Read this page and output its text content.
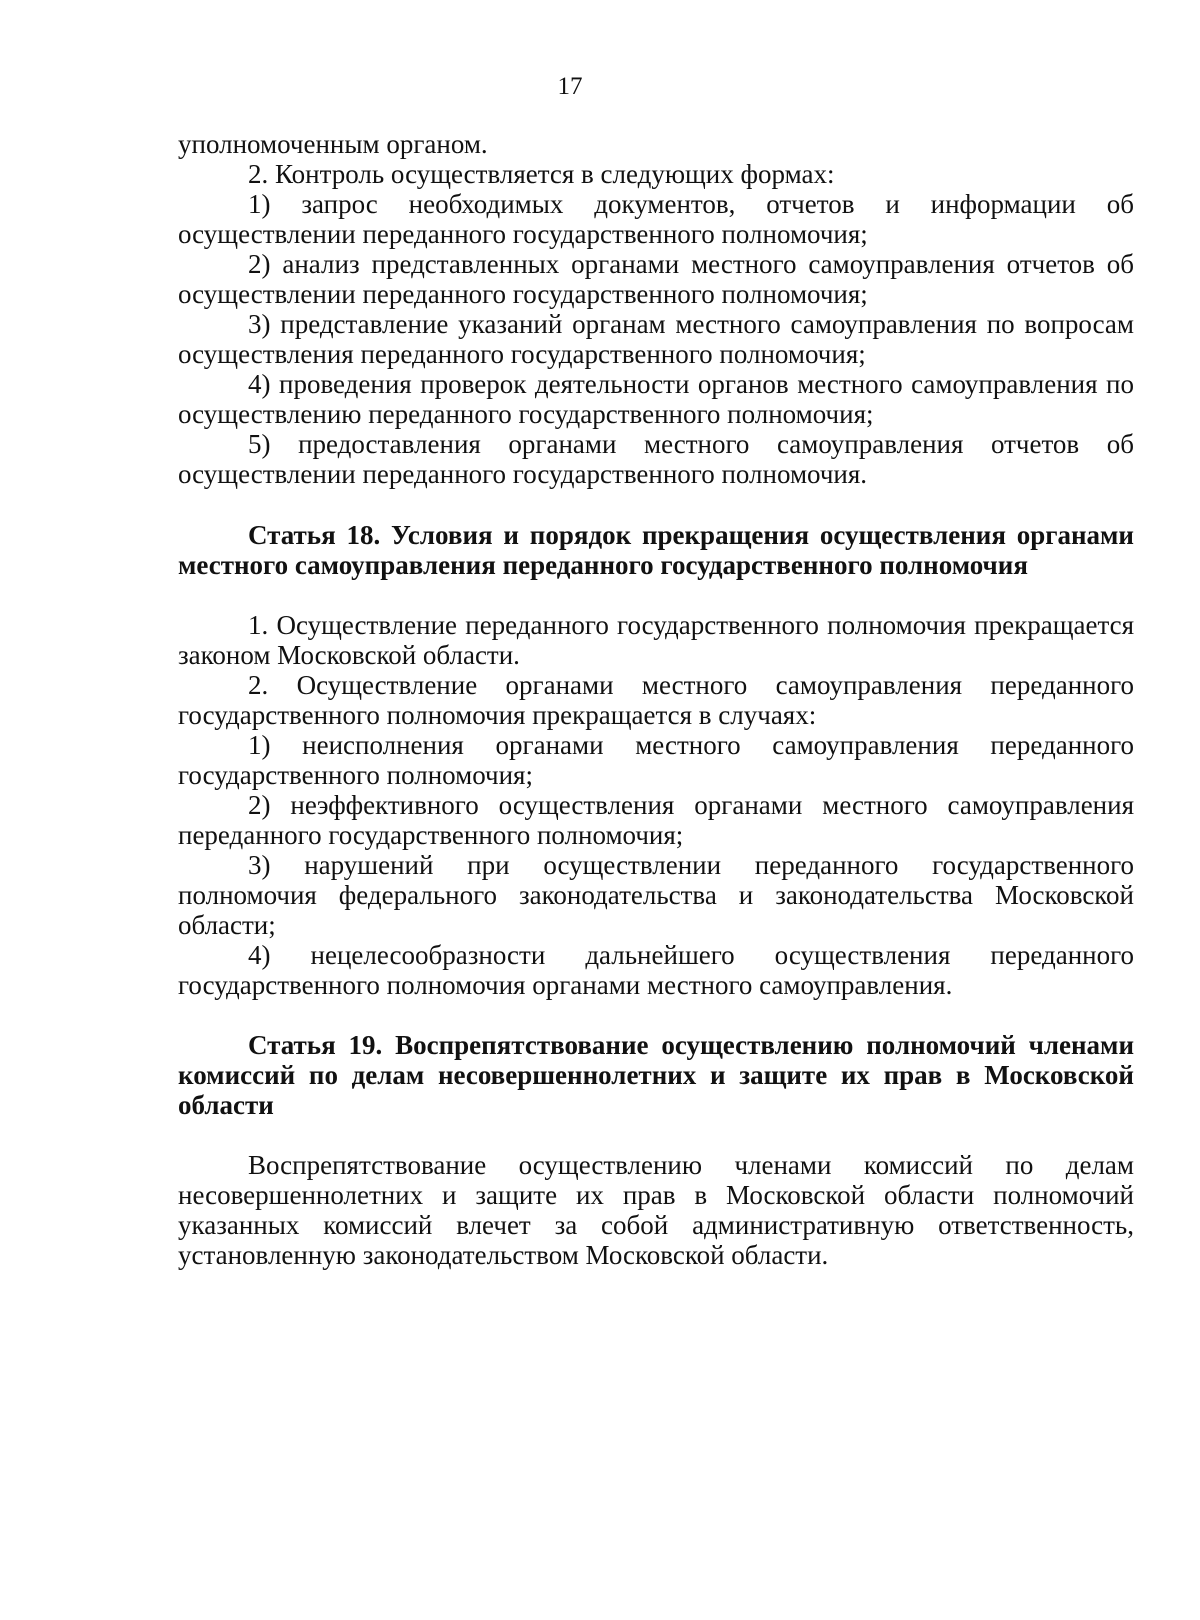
17

уполномоченным органом.

2. Контроль осуществляется в следующих формах:

1) запрос необходимых документов, отчетов и информации об осуществлении переданного государственного полномочия;

2) анализ представленных органами местного самоуправления отчетов об осуществлении переданного государственного полномочия;

3) представление указаний органам местного самоуправления по вопросам осуществления переданного государственного полномочия;

4) проведения проверок деятельности органов местного самоуправления по осуществлению переданного государственного полномочия;

5) предоставления органами местного самоуправления отчетов об осуществлении переданного государственного полномочия.

Статья 18. Условия и порядок прекращения осуществления органами местного самоуправления переданного государственного полномочия

1. Осуществление переданного государственного полномочия прекращается законом Московской области.

2. Осуществление органами местного самоуправления переданного государственного полномочия прекращается в случаях:

1) неисполнения органами местного самоуправления переданного государственного полномочия;

2) неэффективного осуществления органами местного самоуправления переданного государственного полномочия;

3) нарушений при осуществлении переданного государственного полномочия федерального законодательства и законодательства Московской области;

4) нецелесообразности дальнейшего осуществления переданного государственного полномочия органами местного самоуправления.

Статья 19. Воспрепятствование осуществлению полномочий членами комиссий по делам несовершеннолетних и защите их прав в Московской области

Воспрепятствование осуществлению членами комиссий по делам несовершеннолетних и защите их прав в Московской области полномочий указанных комиссий влечет за собой административную ответственность, установленную законодательством Московской области.
